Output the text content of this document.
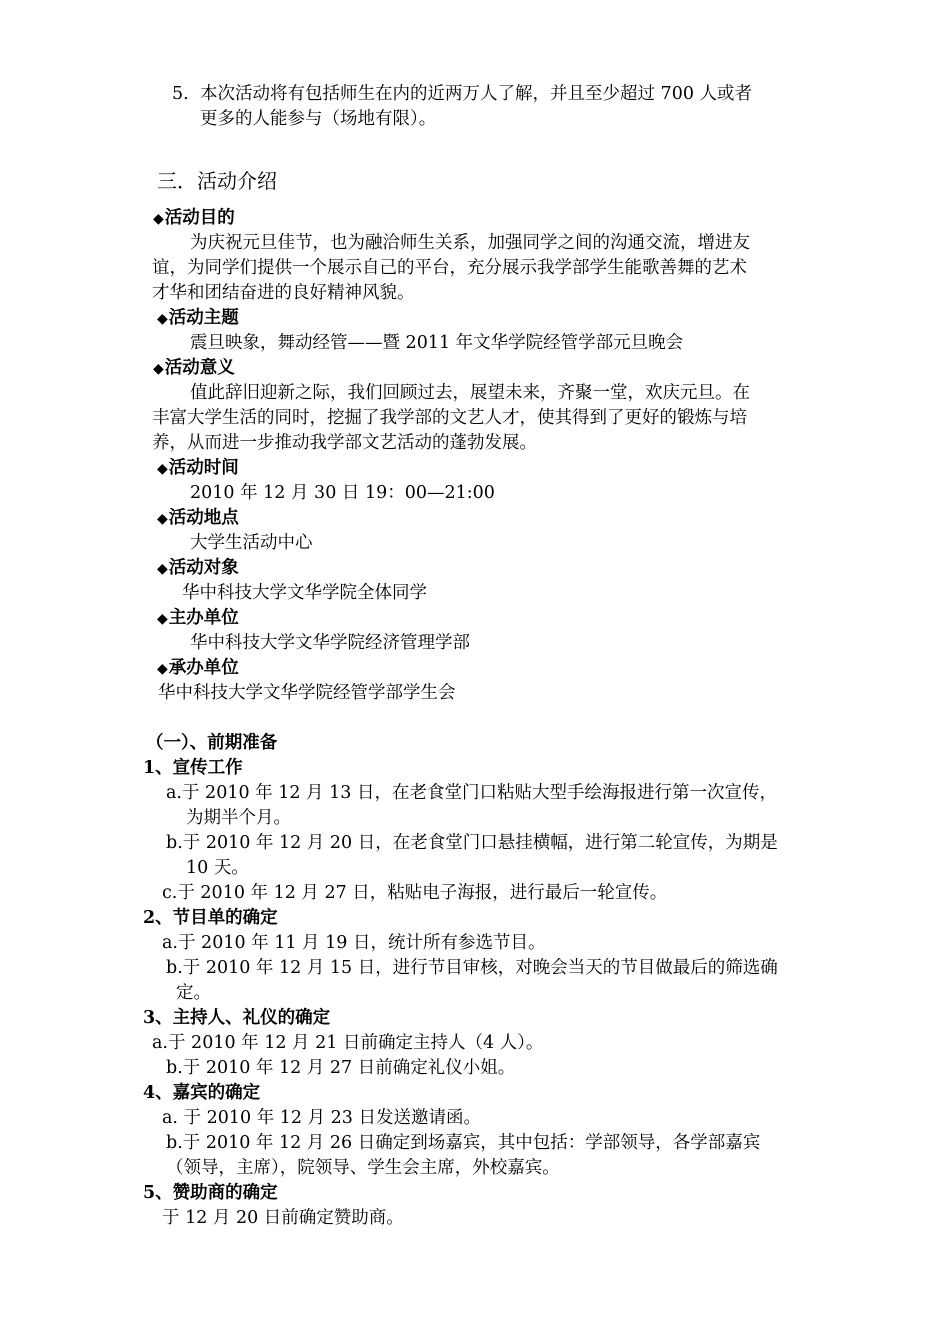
5. 本次活动将有包括师生在内的近两万人了解，并且至少超过 700 人或者
更多的人能参与（场地有限）。
三．活动介绍
◆活动目的
为庆祝元旦佳节，也为融洽师生关系，加强同学之间的沟通交流，增进友
谊，为同学们提供一个展示自己的平台，充分展示我学部学生能歌善舞的艺术
才华和团结奋进的良好精神风貌。
◆活动主题
震旦映象，舞动经管——暨 2011 年文华学院经管学部元旦晚会
◆活动意义
值此辞旧迎新之际，我们回顾过去，展望未来，齐聚一堂，欢庆元旦。在
丰富大学生活的同时，挖掘了我学部的文艺人才，使其得到了更好的锻炼与培
养，从而进一步推动我学部文艺活动的蓬勃发展。
◆活动时间
2010 年 12 月 30 日 19：00—21:00
◆活动地点
大学生活动中心
◆活动对象
华中科技大学文华学院全体同学
◆主办单位
华中科技大学文华学院经济管理学部
◆承办单位
华中科技大学文华学院经管学部学生会
（一）、前期准备
1、宣传工作
a.于 2010 年 12 月 13 日，在老食堂门口粘贴大型手绘海报进行第一次宣传，
为期半个月。
b.于 2010 年 12 月 20 日，在老食堂门口悬挂横幅，进行第二轮宣传，为期是
10 天。
c.于 2010 年 12 月 27 日，粘贴电子海报，进行最后一轮宣传。
2、节目单的确定
a.于 2010 年 11 月 19 日，统计所有参选节目。
b.于 2010 年 12 月 15 日，进行节目审核，对晚会当天的节目做最后的筛选确
定。
3、主持人、礼仪的确定
a.于 2010 年 12 月 21 日前确定主持人（4 人）。
b.于 2010 年 12 月 27 日前确定礼仪小姐。
4、嘉宾的确定
a. 于 2010 年 12 月 23 日发送邀请函。
b.于 2010 年 12 月 26 日确定到场嘉宾，其中包括：学部领导，各学部嘉宾
（领导，主席），院领导、学生会主席，外校嘉宾。
5、赞助商的确定
于 12 月 20 日前确定赞助商。
